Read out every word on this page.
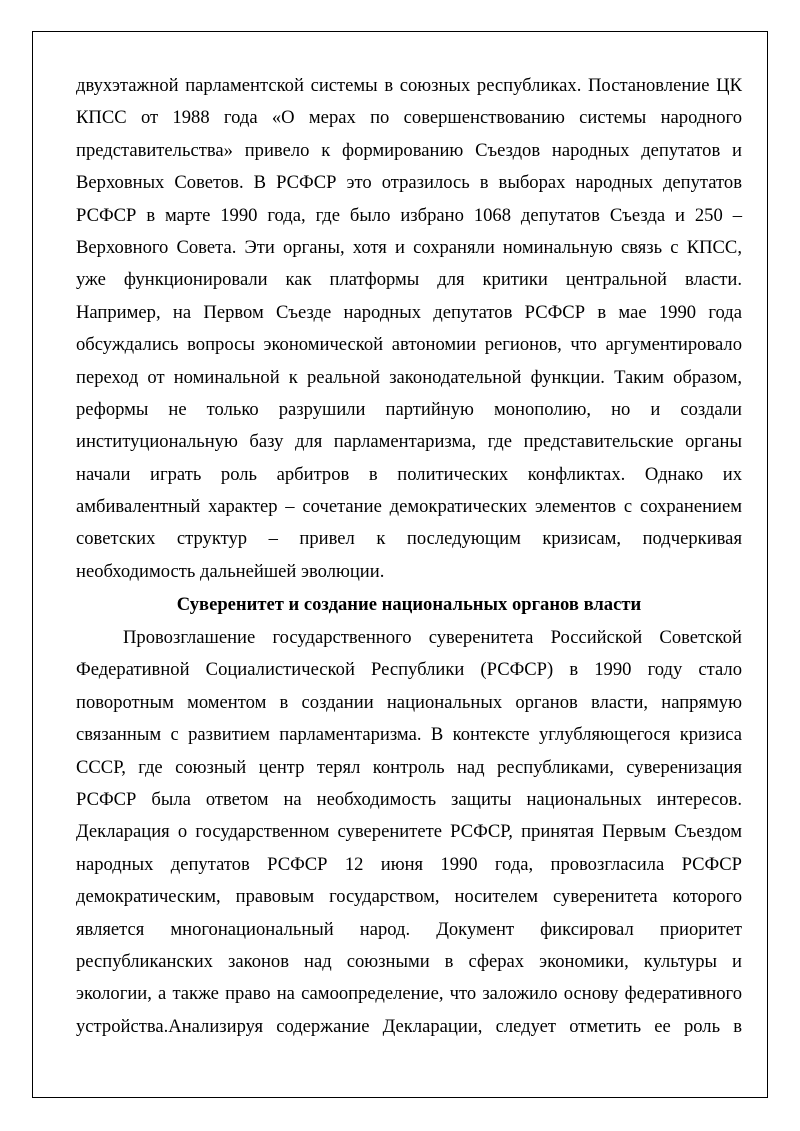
двухэтажной парламентской системы в союзных республиках. Постановление ЦК
КПСС от 1988 года «О мерах по совершенствованию системы народного
представительства» привело к формированию Съездов народных депутатов и
Верховных Советов. В РСФСР это отразилось в выборах народных депутатов
РСФСР в марте 1990 года, где было избрано 1068 депутатов Съезда и 250 –
Верховного Совета. Эти органы, хотя и сохраняли номинальную связь с КПСС,
уже функционировали как платформы для критики центральной власти.
Например, на Первом Съезде народных депутатов РСФСР в мае 1990 года
обсуждались вопросы экономической автономии регионов, что аргументировало
переход от номинальной к реальной законодательной функции. Таким образом,
реформы не только разрушили партийную монополию, но и создали
институциональную базу для парламентаризма, где представительские органы
начали играть роль арбитров в политических конфликтах. Однако их
амбивалентный характер – сочетание демократических элементов с сохранением
советских структур – привел к последующим кризисам, подчеркивая
необходимость дальнейшей эволюции.

Суверенитет и создание национальных органов власти

Провозглашение государственного суверенитета Российской Советской
Федеративной Социалистической Республики (РСФСР) в 1990 году стало
поворотным моментом в создании национальных органов власти, напрямую
связанным с развитием парламентаризма. В контексте углубляющегося кризиса
СССР, где союзный центр терял контроль над республиками, суверенизация
РСФСР была ответом на необходимость защиты национальных интересов.
Декларация о государственном суверенитете РСФСР, принятая Первым Съездом
народных депутатов РСФСР 12 июня 1990 года, провозгласила РСФСР
демократическим, правовым государством, носителем суверенитета которого
является многонациональный народ. Документ фиксировал приоритет
республиканских законов над союзными в сферах экономики, культуры и
экологии, а также право на самоопределение, что заложило основу федеративного
устройства.Анализируя содержание Декларации, следует отметить ее роль в
